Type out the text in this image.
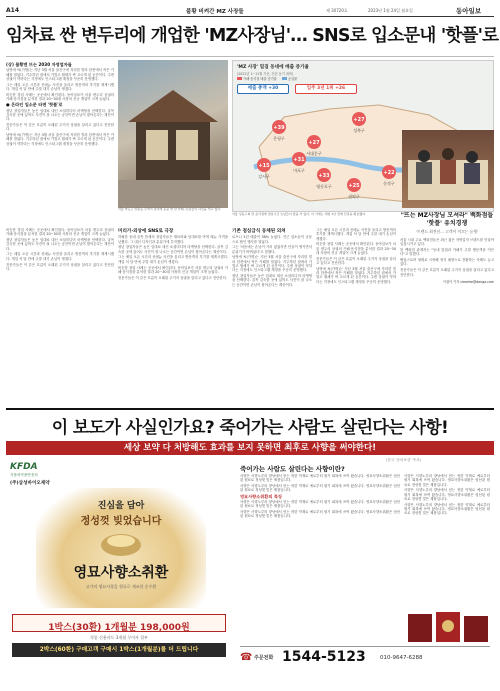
A14	불황 비켜간 MZ 사장들	제 30720호	2023년 1월 24일 월요일	동아일보
임차료 싼 변두리에 개업한 'MZ사장님'… SNS로 입소문내 '핫플'로
(상) 불황엔 뜨는 2030 자영업자들

남영애 씨(가명)는 지난 3월 서울 출산구에 자리한 빌라 한켠에서 작은 카페를 열었다. 거주하던 집에서 가깝고 월세가 싸 고르게 된 공간이다. 주변 상권이 약하다는 걱정에도 인스타그램 계정을 꾸준히 운영했다.

그는 매일 오픈 시간과 신메뉴 사진을 올리고 방문객의 후기를 재게시했다. 개업 석 달 만에 주말 대기 손님이 생겼다.

비슷한 창업 사례는 곳곳에서 확인된다. 동아일보가 서울 변두리 상권의 카페·음식점을 분석한 결과 20~30대 사장의 신규 개업이 크게 늘었다.

● 온라인 입소문 타면 '핫플'로

청년 창업자들은 높은 임대료 대신 소셜미디어 마케팅을 선택한다. 골목 깊숙한 곳에 있어도 사진이 잘 나오는 공간이면 손님이 찾아온다는 계산이다.

전문가들은 이 같은 흐름이 오래된 주거지 상권을 살리고 있다고 진단한다.

남영애 씨(가명)는 지난 3월 서울 출산구에 자리한 빌라 한켠에서 작은 카페를 열었다. 거주하던 집에서 가깝고 월세가 싸 고르게 된 공간이다. 주변 상권이 약하다는 걱정에도 인스타그램 계정을 꾸준히 운영했다.

'MZ 사장' 밀집 동네에 매출 증가율
(2022년 1~11월 기준, 전년 동기 대비)
카페·음식점 매출 증가율	공실률
매출 총액 +30	입주 3년 1위 +26
+39
은평구
+27
서대문구
+31
마포구
+27
성북구
+15
강서구	+33
영등포구	+25
관악구
+22
동작구
서울 마포구 망원동 주택가 골목에 문을 연 한 카페. 손님들이 사진을 찍고 있다.
서울 성동구의 한 음식점에 점심시간 손님들이 줄을 서 있다. 이 가게는 개업 1년 만에 단골을 확보했다.
미리가·외상에 SNS로 극장

하필한 동네 골목 틈새의 창업자들은 재료비와 임대료를 아껴 메뉴 가격을 낮췄다. 그 대신 디자인과 분위기에 투자했다.

청년 창업자들은 높은 임대료 대신 소셜미디어 마케팅을 선택한다. 골목 깊숙한 곳에 있어도 사진이 잘 나오는 공간이면 손님이 찾아온다는 계산이다.

그는 매일 오픈 시간과 신메뉴 사진을 올리고 방문객의 후기를 재게시했다. 개업 석 달 만에 주말 대기 손님이 생겼다.

비슷한 창업 사례는 곳곳에서 확인된다. 동아일보가 서울 변두리 상권의 카페·음식점을 분석한 결과 20~30대 사장의 신규 개업이 크게 늘었다.

전문가들은 이 같은 흐름이 오래된 주거지 상권을 살리고 있다고 진단한다.

기존 점심급식 동체된 외쳐

로프니 3년 매출이 38% 늘었다. 인근 업소들이 공동으로 할인 행사를 열었다.

그는 '처음에는 손님이 거의 없었지만 단골이 생기면서 분위기가 바뀌었다'고 말했다.

남영애 씨(가명)는 지난 3월 서울 출산구에 자리한 빌라 한켠에서 작은 카페를 열었다. 거주하던 집에서 가깝고 월세가 싸 고르게 된 공간이다. 주변 상권이 약하다는 걱정에도 인스타그램 계정을 꾸준히 운영했다.

청년 창업자들은 높은 임대료 대신 소셜미디어 마케팅을 선택한다. 골목 깊숙한 곳에 있어도 사진이 잘 나오는 공간이면 손님이 찾아온다는 계산이다.

그는 매일 오픈 시간과 신메뉴 사진을 올리고 방문객의 후기를 재게시했다. 개업 석 달 만에 주말 대기 손님이 생겼다.

비슷한 창업 사례는 곳곳에서 확인된다. 동아일보가 서울 변두리 상권의 카페·음식점을 분석한 결과 20~30대 사장의 신규 개업이 크게 늘었다.

전문가들은 이 같은 흐름이 오래된 주거지 상권을 살리고 있다고 진단한다.

남영애 씨(가명)는 지난 3월 서울 출산구에 자리한 빌라 한켠에서 작은 카페를 열었다. 거주하던 집에서 가깝고 월세가 싸 고르게 된 공간이다. 주변 상권이 약하다는 걱정에도 인스타그램 계정을 꾸준히 운영했다.

비슷한 창업 사례는 곳곳에서 확인된다. 동아일보가 서울 변두리 상권의 카페·음식점을 분석한 결과 20~30대 사장의 신규 개업이 크게 늘었다.

청년 창업자들은 높은 임대료 대신 소셜미디어 마케팅을 선택한다. 골목 깊숙한 곳에 있어도 사진이 잘 나오는 공간이면 손님이 찾아온다는 계산이다.

그는 매일 오픈 시간과 신메뉴 사진을 올리고 방문객의 후기를 재게시했다. 개업 석 달 만에 주말 대기 손님이 생겼다.

전문가들은 이 같은 흐름이 오래된 주거지 상권을 살리고 있다고 진단한다.

"뜨는 MZ사장님 모셔라" 백화점들 '핫플' 유치경쟁
'트렌드 최전선… 고객이 이끄는 유행'

서울 시내 주요 백화점들은 최근 젊은 자영업자 브랜드를 잇달아 입점시키고 있다.

한 백화점 관계자는 "동네 맛집과 카페가 주말 방문객을 이끈다"고 말했다.

팝업스토어 형태로 시작해 정식 매장으로 전환하는 사례도 늘고 있다.

전문가들은 이 같은 흐름이 오래된 주거지 상권을 살리고 있다고 진단한다.

이청아 기자 clearlee@donga.com
이 보도가 사실인가요? 죽어가는 사람도 살린다는 사항!
세상 보약 다 처방해도 효과를 보지 못하면 최후로 사향을 써야한다!
KFDA
식품의약품안전처
(주)삼성바이오제약
진심을 담아
정성껏 빚었습니다
영묘사향소취환
고가의 영묘사향을 원료로 제조한 순수환
1박스(30환) 1개월분 198,000원
각종 신용카드 3개월 무이자 할부
2박스(60환) 구매고객 구매시 1박스(1개월분)를 더 드립니다
(한국 '동의보감' 中서)
죽어가는 사람도 살린다는 사향이란?

사향은 사향노루의 향낭에서 얻는 귀한 약재로 예로부터 원기 회복에 쓰여 왔습니다. 영묘사향소취환은 엄선된 원료로 정성껏 빚은 제품입니다.

사향은 사향노루의 향낭에서 얻는 귀한 약재로 예로부터 원기 회복에 쓰여 왔습니다. 영묘사향소취환은 엄선된 원료로 정성껏 빚은 제품입니다.

영묘사향소취환의 특징

사향은 사향노루의 향낭에서 얻는 귀한 약재로 예로부터 원기 회복에 쓰여 왔습니다. 영묘사향소취환은 엄선된 원료로 정성껏 빚은 제품입니다.

사향은 사향노루의 향낭에서 얻는 귀한 약재로 예로부터 원기 회복에 쓰여 왔습니다. 영묘사향소취환은 엄선된 원료로 정성껏 빚은 제품입니다.

사향은 사향노루의 향낭에서 얻는 귀한 약재로 예로부터 원기 회복에 쓰여 왔습니다. 영묘사향소취환은 엄선된 원료로 정성껏 빚은 제품입니다.

사향은 사향노루의 향낭에서 얻는 귀한 약재로 예로부터 원기 회복에 쓰여 왔습니다. 영묘사향소취환은 엄선된 원료로 정성껏 빚은 제품입니다.

사향은 사향노루의 향낭에서 얻는 귀한 약재로 예로부터 원기 회복에 쓰여 왔습니다. 영묘사향소취환은 엄선된 원료로 정성껏 빚은 제품입니다.

☎ 주문전화 1544-5123	010-9647-6288
